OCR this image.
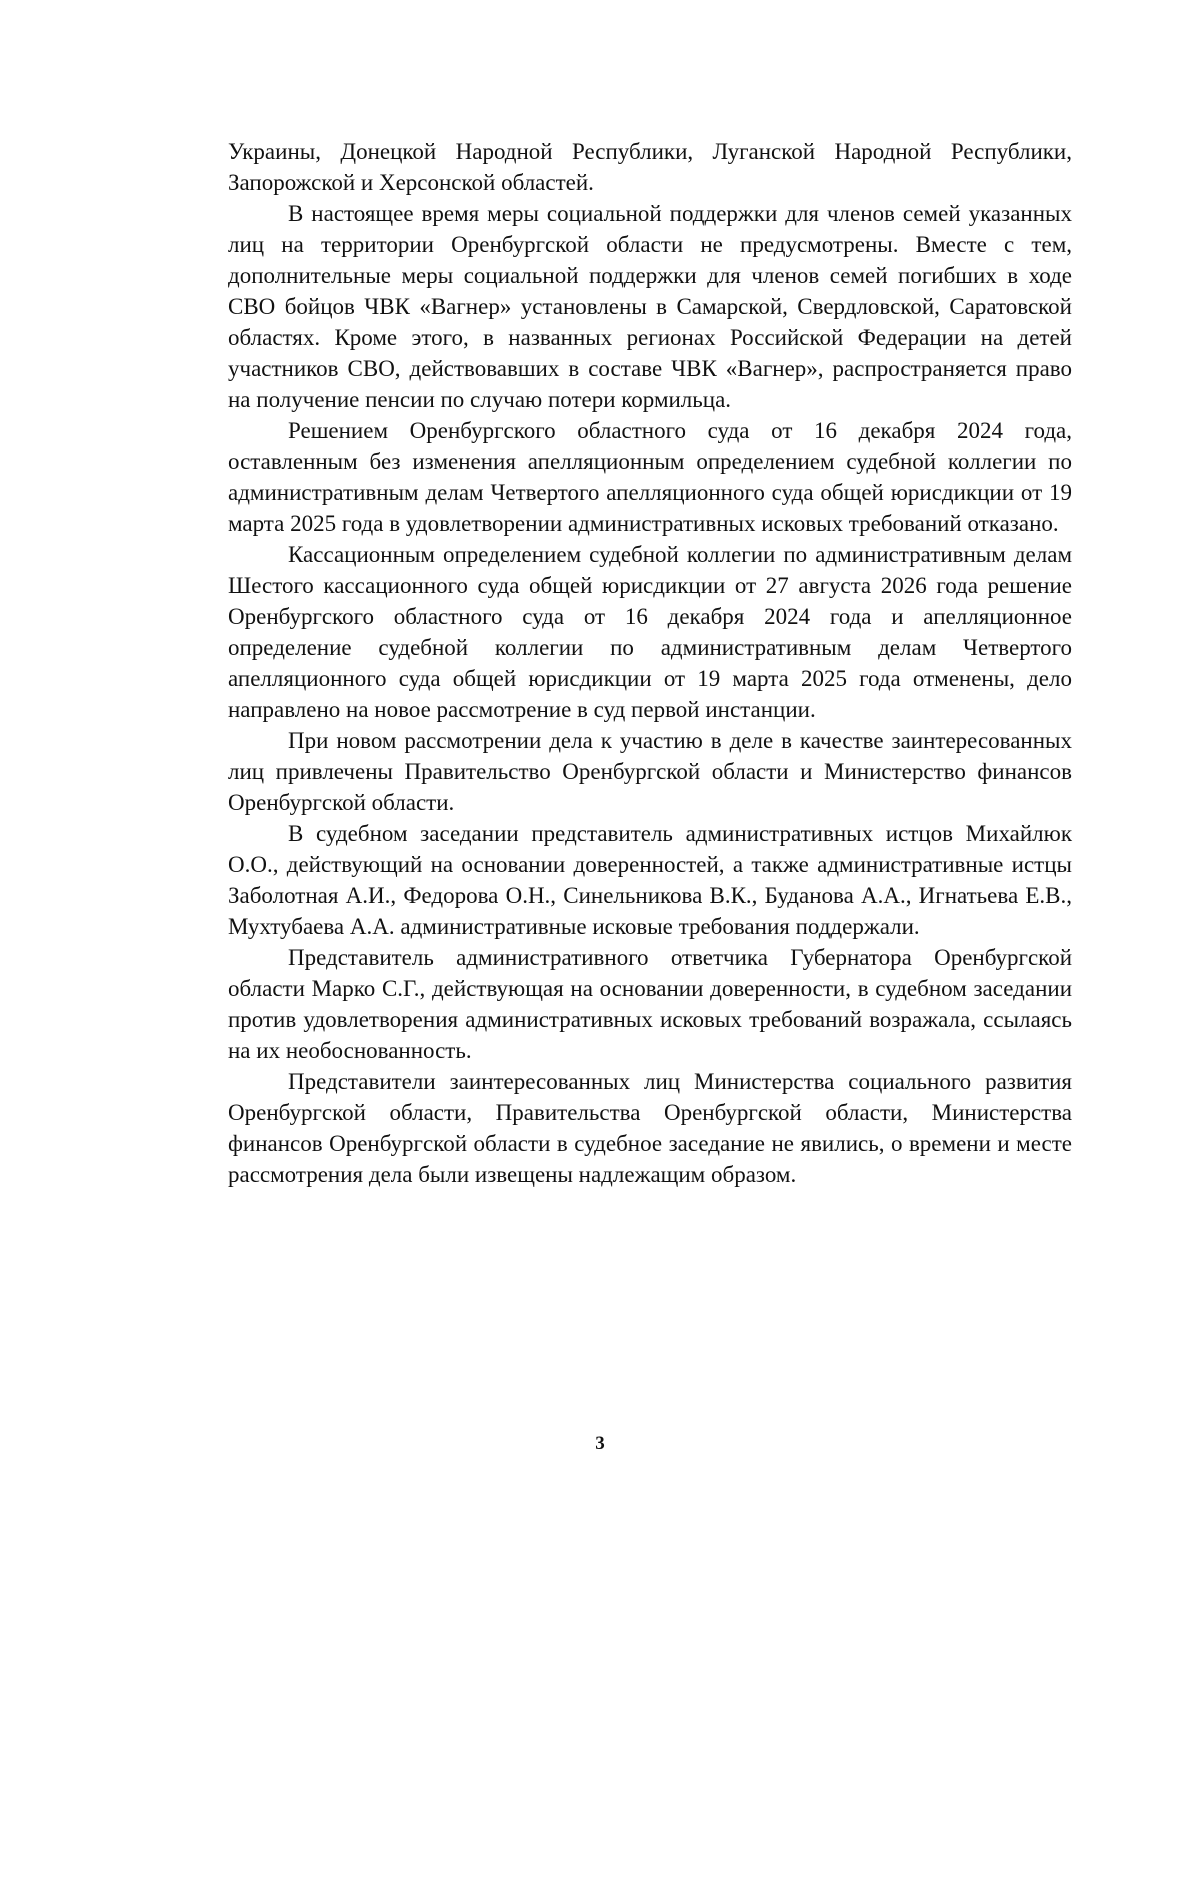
Украины, Донецкой Народной Республики, Луганской Народной Республики, Запорожской и Херсонской областей.

В настоящее время меры социальной поддержки для членов семей указанных лиц на территории Оренбургской области не предусмотрены. Вместе с тем, дополнительные меры социальной поддержки для членов семей погибших в ходе СВО бойцов ЧВК «Вагнер» установлены в Самарской, Свердловской, Саратовской областях. Кроме этого, в названных регионах Российской Федерации на детей участников СВО, действовавших в составе ЧВК «Вагнер», распространяется право на получение пенсии по случаю потери кормильца.

Решением Оренбургского областного суда от 16 декабря 2024 года, оставленным без изменения апелляционным определением судебной коллегии по административным делам Четвертого апелляционного суда общей юрисдикции от 19 марта 2025 года в удовлетворении административных исковых требований отказано.

Кассационным определением судебной коллегии по административным делам Шестого кассационного суда общей юрисдикции от 27 августа 2026 года решение Оренбургского областного суда от 16 декабря 2024 года и апелляционное определение судебной коллегии по административным делам Четвертого апелляционного суда общей юрисдикции от 19 марта 2025 года отменены, дело направлено на новое рассмотрение в суд первой инстанции.

При новом рассмотрении дела к участию в деле в качестве заинтересованных лиц привлечены Правительство Оренбургской области и Министерство финансов Оренбургской области.

В судебном заседании представитель административных истцов Михайлюк О.О., действующий на основании доверенностей, а также административные истцы Заболотная А.И., Федорова О.Н., Синельникова В.К., Буданова А.А., Игнатьева Е.В., Мухтубаева А.А. административные исковые требования поддержали.

Представитель административного ответчика Губернатора Оренбургской области Марко С.Г., действующая на основании доверенности, в судебном заседании против удовлетворения административных исковых требований возражала, ссылаясь на их необоснованность.

Представители заинтересованных лиц Министерства социального развития Оренбургской области, Правительства Оренбургской области, Министерства финансов Оренбургской области в судебное заседание не явились, о времени и месте рассмотрения дела были извещены надлежащим образом.

3
